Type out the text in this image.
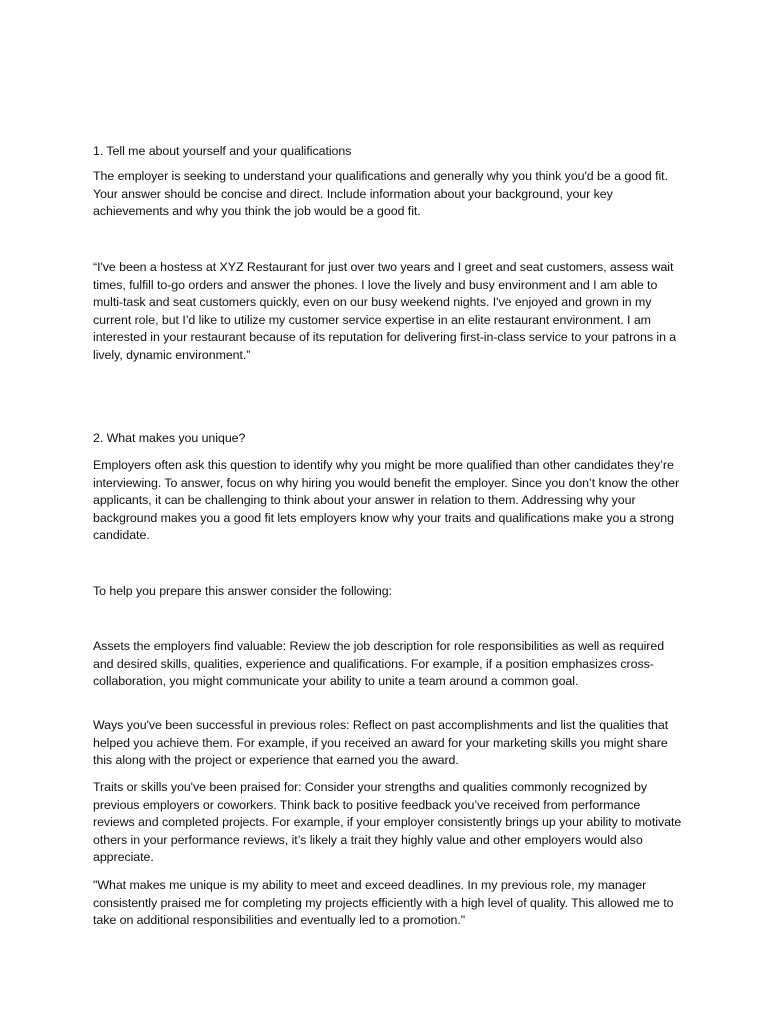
1. Tell me about yourself and your qualifications

The employer is seeking to understand your qualifications and generally why you think you'd be a good fit. Your answer should be concise and direct. Include information about your background, your key achievements and why you think the job would be a good fit.

“I've been a hostess at XYZ Restaurant for just over two years and I greet and seat customers, assess wait times, fulfill to-go orders and answer the phones. I love the lively and busy environment and I am able to multi-task and seat customers quickly, even on our busy weekend nights. I've enjoyed and grown in my current role, but I’d like to utilize my customer service expertise in an elite restaurant environment. I am interested in your restaurant because of its reputation for delivering first-in-class service to your patrons in a lively, dynamic environment.”

2. What makes you unique?

Employers often ask this question to identify why you might be more qualified than other candidates they’re interviewing. To answer, focus on why hiring you would benefit the employer. Since you don’t know the other applicants, it can be challenging to think about your answer in relation to them. Addressing why your background makes you a good fit lets employers know why your traits and qualifications make you a strong candidate.

To help you prepare this answer consider the following:

Assets the employers find valuable: Review the job description for role responsibilities as well as required and desired skills, qualities, experience and qualifications. For example, if a position emphasizes cross-collaboration, you might communicate your ability to unite a team around a common goal.

Ways you've been successful in previous roles: Reflect on past accomplishments and list the qualities that helped you achieve them. For example, if you received an award for your marketing skills you might share this along with the project or experience that earned you the award.

Traits or skills you've been praised for: Consider your strengths and qualities commonly recognized by previous employers or coworkers. Think back to positive feedback you’ve received from performance reviews and completed projects. For example, if your employer consistently brings up your ability to motivate others in your performance reviews, it’s likely a trait they highly value and other employers would also appreciate.

"What makes me unique is my ability to meet and exceed deadlines. In my previous role, my manager consistently praised me for completing my projects efficiently with a high level of quality. This allowed me to take on additional responsibilities and eventually led to a promotion."
